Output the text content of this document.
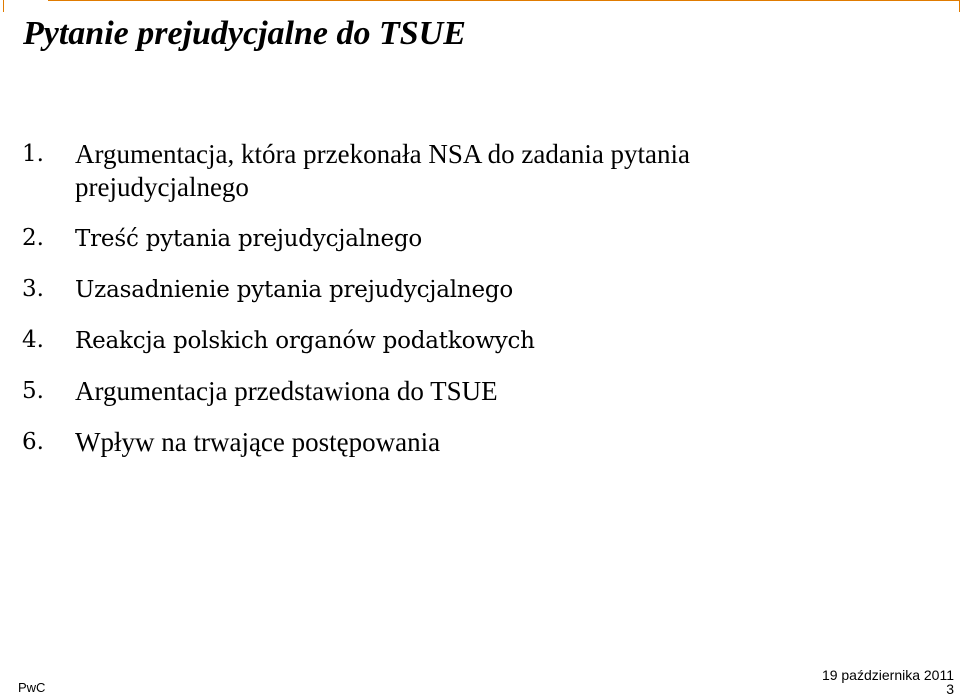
Pytanie prejudycjalne do TSUE
1.	Argumentacja, która przekonała NSA do zadania pytania prejudycjalnego
2.	Treść pytania prejudycjalnego
3.	Uzasadnienie pytania prejudycjalnego
4.	Reakcja polskich organów podatkowych
5.	Argumentacja przedstawiona do TSUE
6.	Wpływ na trwające postępowania
PwC
19 października 2011
3
